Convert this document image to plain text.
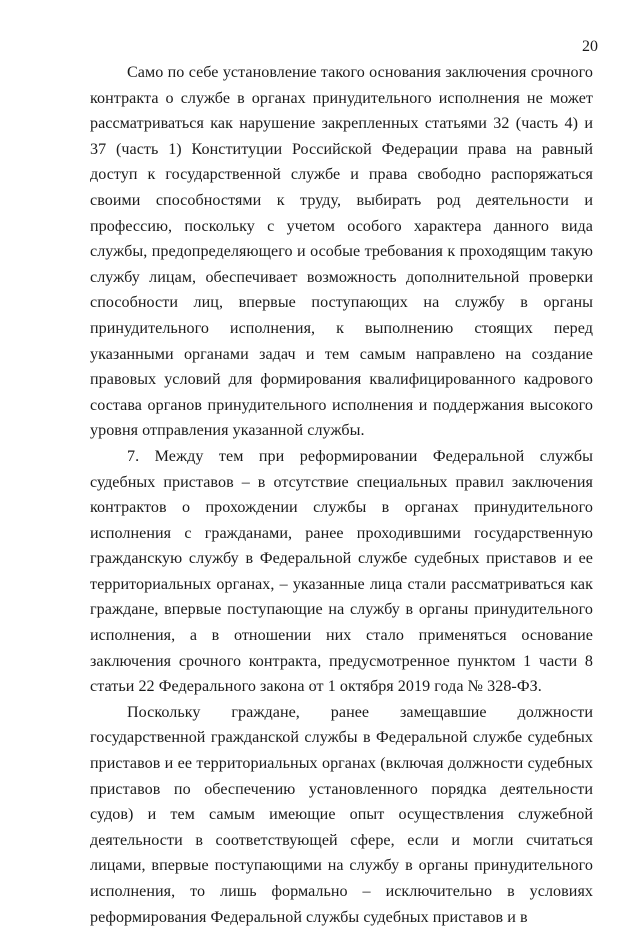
20

Само по себе установление такого основания заключения срочного контракта о службе в органах принудительного исполнения не может рассматриваться как нарушение закрепленных статьями 32 (часть 4) и 37 (часть 1) Конституции Российской Федерации права на равный доступ к государственной службе и права свободно распоряжаться своими способностями к труду, выбирать род деятельности и профессию, поскольку с учетом особого характера данного вида службы, предопределяющего и особые требования к проходящим такую службу лицам, обеспечивает возможность дополнительной проверки способности лиц, впервые поступающих на службу в органы принудительного исполнения, к выполнению стоящих перед указанными органами задач и тем самым направлено на создание правовых условий для формирования квалифицированного кадрового состава органов принудительного исполнения и поддержания высокого уровня отправления указанной службы.

7. Между тем при реформировании Федеральной службы судебных приставов – в отсутствие специальных правил заключения контрактов о прохождении службы в органах принудительного исполнения с гражданами, ранее проходившими государственную гражданскую службу в Федеральной службе судебных приставов и ее территориальных органах, – указанные лица стали рассматриваться как граждане, впервые поступающие на службу в органы принудительного исполнения, а в отношении них стало применяться основание заключения срочного контракта, предусмотренное пунктом 1 части 8 статьи 22 Федерального закона от 1 октября 2019 года № 328-ФЗ.

Поскольку граждане, ранее замещавшие должности государственной гражданской службы в Федеральной службе судебных приставов и ее территориальных органах (включая должности судебных приставов по обеспечению установленного порядка деятельности судов) и тем самым имеющие опыт осуществления служебной деятельности в соответствующей сфере, если и могли считаться лицами, впервые поступающими на службу в органы принудительного исполнения, то лишь формально – исключительно в условиях реформирования Федеральной службы судебных приставов и в
